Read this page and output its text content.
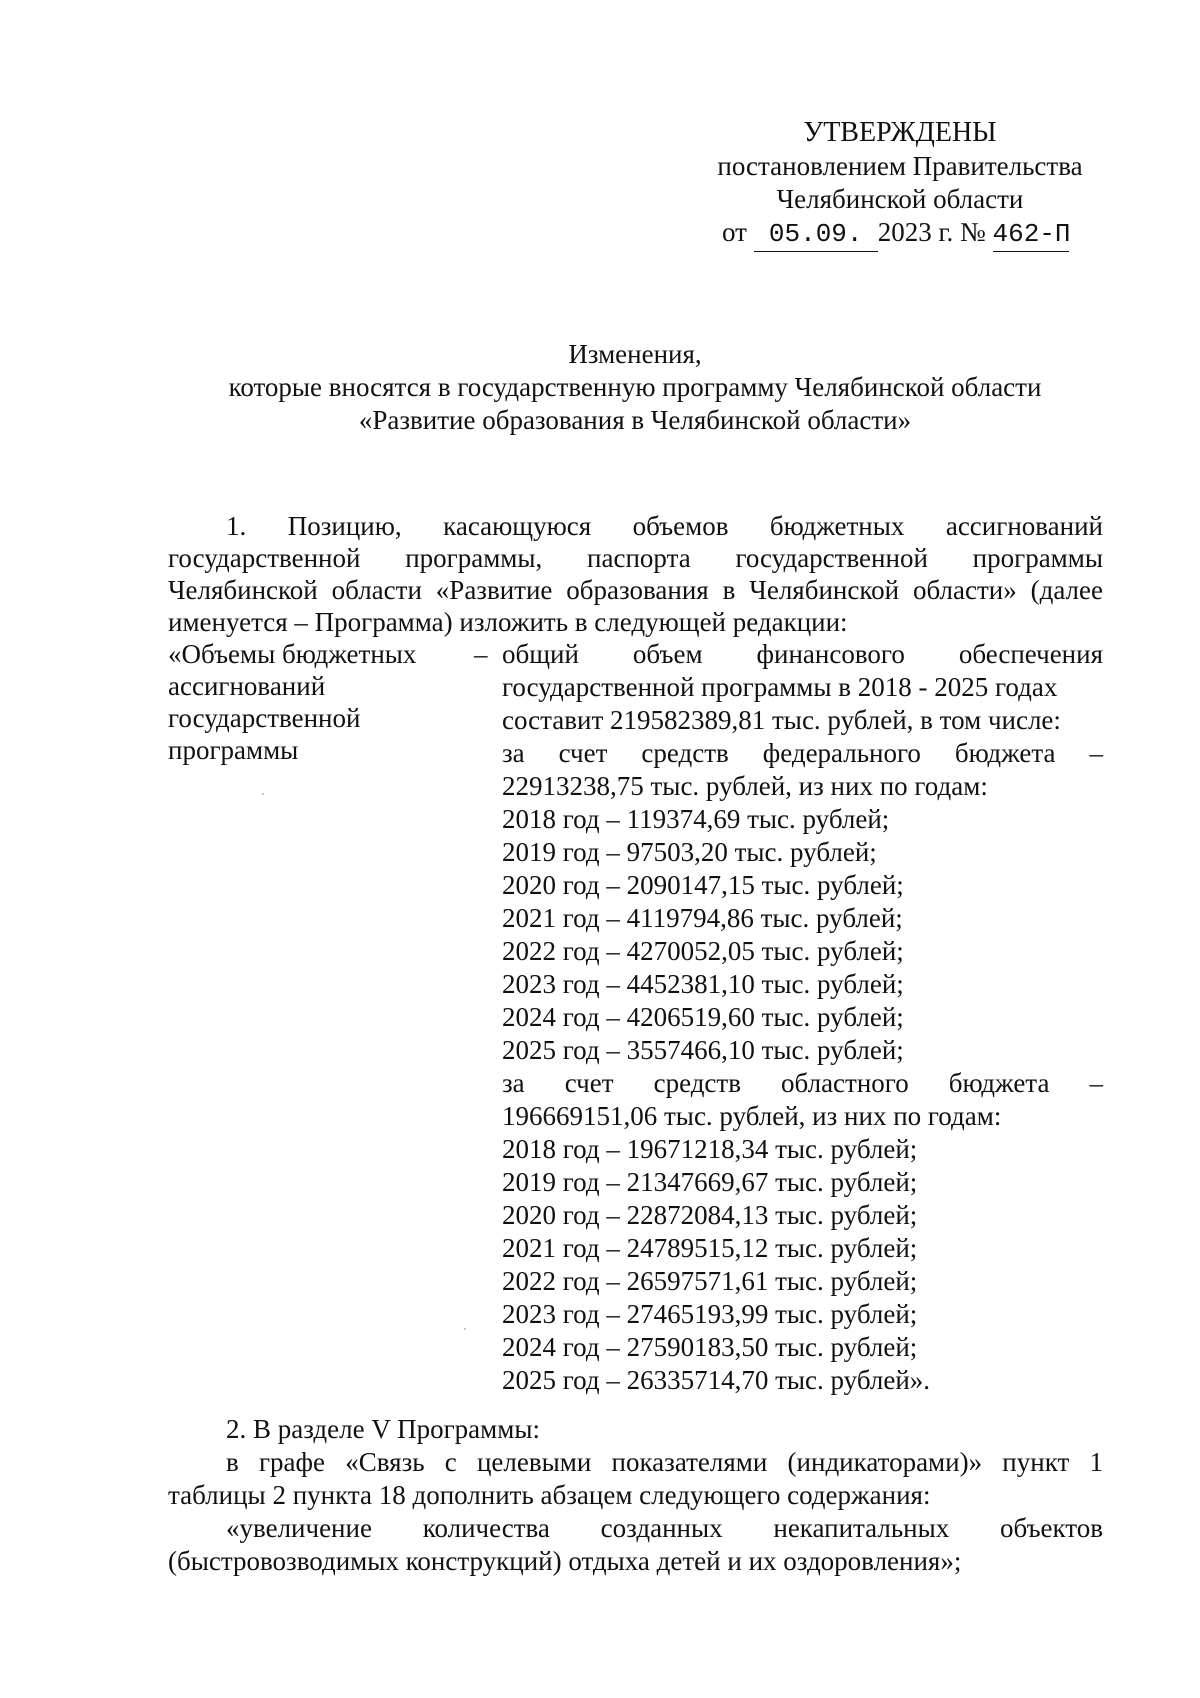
УТВЕРЖДЕНЫ
постановлением Правительства
Челябинской области
от 05.09. 2023 г. № 462-П
Изменения,
которые вносятся в государственную программу Челябинской области
«Развитие образования в Челябинской области»
1. Позицию, касающуюся объемов бюджетных ассигнований
государственной программы, паспорта государственной программы
Челябинской области «Развитие образования в Челябинской области» (далее
именуется – Программа) изложить в следующей редакции:
«Объемы бюджетных
ассигнований
государственной
программы
– общий объем финансового обеспечения
государственной программы в 2018 - 2025 годах
составит 219582389,81 тыс. рублей, в том числе:
за счет средств федерального бюджета –
22913238,75 тыс. рублей, из них по годам:
2018 год – 119374,69 тыс. рублей;
2019 год – 97503,20 тыс. рублей;
2020 год – 2090147,15 тыс. рублей;
2021 год – 4119794,86 тыс. рублей;
2022 год – 4270052,05 тыс. рублей;
2023 год – 4452381,10 тыс. рублей;
2024 год – 4206519,60 тыс. рублей;
2025 год – 3557466,10 тыс. рублей;
за счет средств областного бюджета –
196669151,06 тыс. рублей, из них по годам:
2018 год – 19671218,34 тыс. рублей;
2019 год – 21347669,67 тыс. рублей;
2020 год – 22872084,13 тыс. рублей;
2021 год – 24789515,12 тыс. рублей;
2022 год – 26597571,61 тыс. рублей;
2023 год – 27465193,99 тыс. рублей;
2024 год – 27590183,50 тыс. рублей;
2025 год – 26335714,70 тыс. рублей».
2. В разделе V Программы:
в графе «Связь с целевыми показателями (индикаторами)» пункт 1
таблицы 2 пункта 18 дополнить абзацем следующего содержания:
«увеличение количества созданных некапитальных объектов
(быстровозводимых конструкций) отдыха детей и их оздоровления»;
